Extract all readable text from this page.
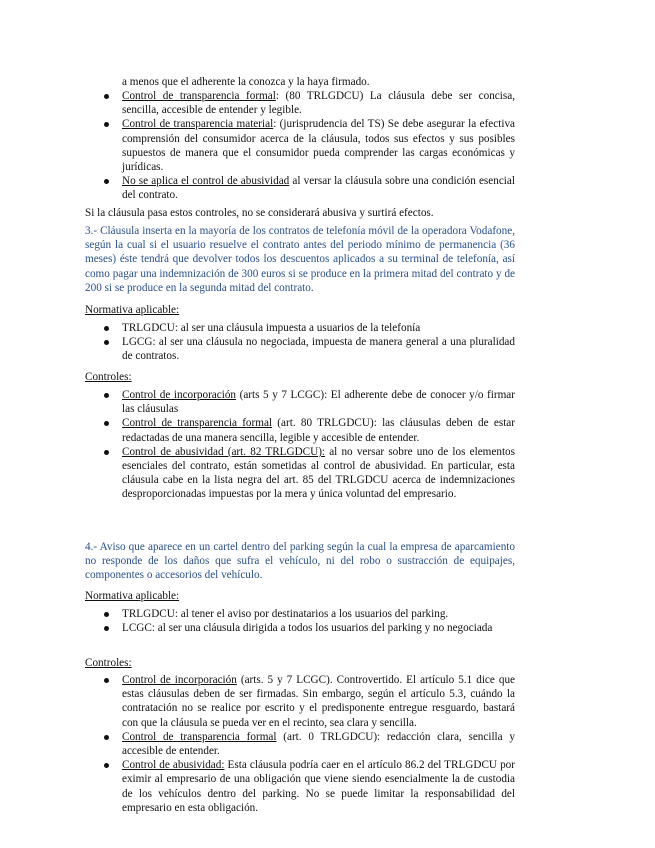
a menos que el adherente la conozca y la haya firmado.

Control de transparencia formal: (80 TRLGDCU) La cláusula debe ser concisa, sencilla, accesible de entender y legible.
Control de transparencia material: (jurisprudencia del TS) Se debe asegurar la efectiva comprensión del consumidor acerca de la cláusula, todos sus efectos y sus posibles supuestos de manera que el consumidor pueda comprender las cargas económicas y jurídicas.
No se aplica el control de abusividad al versar la cláusula sobre una condición esencial del contrato.

Si la cláusula pasa estos controles, no se considerará abusiva y surtirá efectos.

3.- Cláusula inserta en la mayoría de los contratos de telefonía móvil de la operadora Vodafone, según la cual si el usuario resuelve el contrato antes del periodo mínimo de permanencia (36 meses) éste tendrá que devolver todos los descuentos aplicados a su terminal de telefonía, así como pagar una indemnización de 300 euros si se produce en la primera mitad del contrato y de 200 si se produce en la segunda mitad del contrato.

Normativa aplicable:

TRLGDCU: al ser una cláusula impuesta a usuarios de la telefonía
LGCG: al ser una cláusula no negociada, impuesta de manera general a una pluralidad de contratos.

Controles:

Control de incorporación (arts 5 y 7 LCGC): El adherente debe de conocer y/o firmar las cláusulas
Control de transparencia formal (art. 80 TRLGDCU): las cláusulas deben de estar redactadas de una manera sencilla, legible y accesible de entender.
Control de abusividad (art. 82 TRLGDCU): al no versar sobre uno de los elementos esenciales del contrato, están sometidas al control de abusividad. En particular, esta cláusula cabe en la lista negra del art. 85 del TRLGDCU acerca de indemnizaciones desproporcionadas impuestas por la mera y única voluntad del empresario.

4.- Aviso que aparece en un cartel dentro del parking según la cual la empresa de aparcamiento no responde de los daños que sufra el vehículo, ni del robo o sustracción de equipajes, componentes o accesorios del vehículo.

Normativa aplicable:

TRLGDCU: al tener el aviso por destinatarios a los usuarios del parking.
LCGC: al ser una cláusula dirigida a todos los usuarios del parking y no negociada

Controles:

Control de incorporación (arts. 5 y 7 LCGC). Controvertido. El artículo 5.1 dice que estas cláusulas deben de ser firmadas. Sin embargo, según el artículo 5.3, cuándo la contratación no se realice por escrito y el predisponente entregue resguardo, bastará con que la cláusula se pueda ver en el recinto, sea clara y sencilla.
Control de transparencia formal (art. 0 TRLGDCU): redacción clara, sencilla y accesible de entender.
Control de abusividad: Esta cláusula podría caer en el artículo 86.2 del TRLGDCU por eximir al empresario de una obligación que viene siendo esencialmente la de custodia de los vehículos dentro del parking. No se puede limitar la responsabilidad del empresario en esta obligación.
